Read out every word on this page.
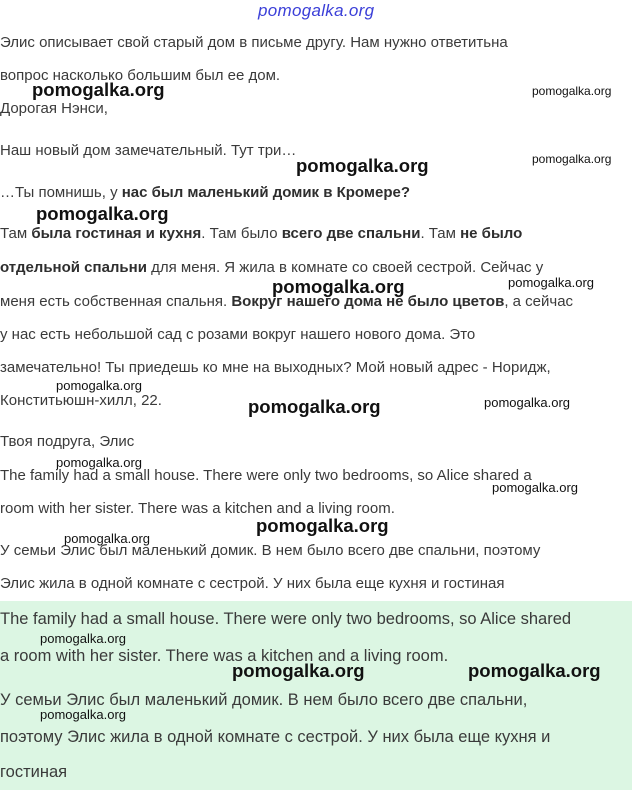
pomogalka.org
Элис описывает свой старый дом в письме другу. Нам нужно ответитьна
вопрос насколько большим был ее дом.
Дорогая Нэнси,
Наш новый дом замечательный. Тут три…
…Ты помнишь, у нас был маленький домик в Кромере?
Там была гостиная и кухня. Там было всего две спальни. Там не было
отдельной спальни для меня. Я жила в комнате со своей сестрой. Сейчас у
меня есть собственная спальня. Вокруг нашего дома не было цветов, а сейчас
у нас есть небольшой сад с розами вокруг нашего нового дома. Это
замечательно! Ты приедешь ко мне на выходных? Мой новый адрес - Норидж,
Конститьюшн-хилл, 22.
Твоя подруга, Элис
The family had a small house. There were only two bedrooms, so Alice shared a
room with her sister. There was a kitchen and a living room.
У семьи Элис был маленький домик. В нем было всего две спальни, поэтому
Элис жила в одной комнате с сестрой. У них была еще кухня и гостиная
The family had a small house. There were only two bedrooms, so Alice shared
a room with her sister. There was a kitchen and a living room.
У семьи Элис был маленький домик. В нем было всего две спальни,
поэтому Элис жила в одной комнате с сестрой. У них была еще кухня и
гостиная
pomogalka.org	pomogalka.org
pomogalka.org	pomogalka.org
pomogalka.org
pomogalka.org
pomogalka.org
pomogalka.org
pomogalka.org	pomogalka.org
pomogalka.org
pomogalka.org
pomogalka.org
pomogalka.org
pomogalka.org
pomogalka.org	pomogalka.org
pomogalka.org
